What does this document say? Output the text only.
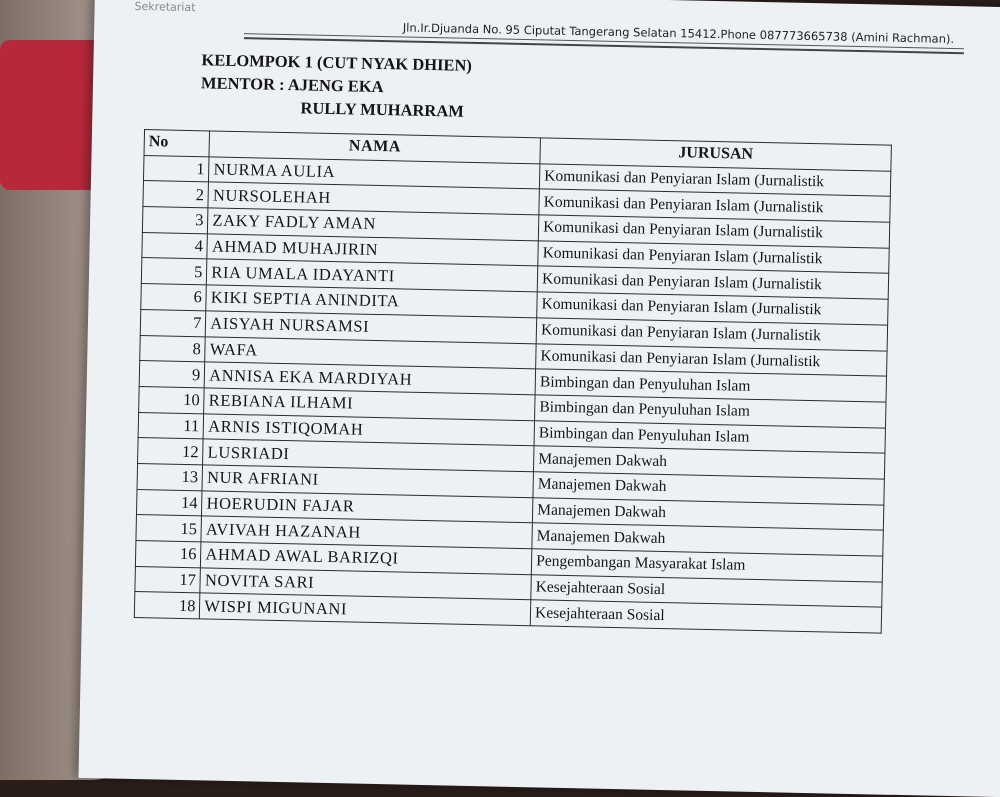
Sekretariat

Jln.Ir.Djuanda No. 95 Ciputat Tangerang Selatan 15412.Phone 087773665738 (Amini Rachman).
KELOMPOK 1 (CUT NYAK DHIEN)
MENTOR : AJENG EKA
RULLY MUHARRAM
No	NAMA	JURUSAN
1	NURMA AULIA	Komunikasi dan Penyiaran Islam (Jurnalistik
2	NURSOLEHAH	Komunikasi dan Penyiaran Islam (Jurnalistik
3	ZAKY FADLY AMAN	Komunikasi dan Penyiaran Islam (Jurnalistik
4	AHMAD MUHAJIRIN	Komunikasi dan Penyiaran Islam (Jurnalistik
5	RIA UMALA IDAYANTI	Komunikasi dan Penyiaran Islam (Jurnalistik
6	KIKI SEPTIA ANINDITA	Komunikasi dan Penyiaran Islam (Jurnalistik
7	AISYAH NURSAMSI	Komunikasi dan Penyiaran Islam (Jurnalistik
8	WAFA	Komunikasi dan Penyiaran Islam (Jurnalistik
9	ANNISA EKA MARDIYAH	Bimbingan dan Penyuluhan Islam
10	REBIANA ILHAMI	Bimbingan dan Penyuluhan Islam
11	ARNIS ISTIQOMAH	Bimbingan dan Penyuluhan Islam
12	LUSRIADI	Manajemen Dakwah
13	NUR AFRIANI	Manajemen Dakwah
14	HOERUDIN FAJAR	Manajemen Dakwah
15	AVIVAH HAZANAH	Manajemen Dakwah
16	AHMAD AWAL BARIZQI	Pengembangan Masyarakat Islam
17	NOVITA SARI	Kesejahteraan Sosial
18	WISPI MIGUNANI	Kesejahteraan Sosial
